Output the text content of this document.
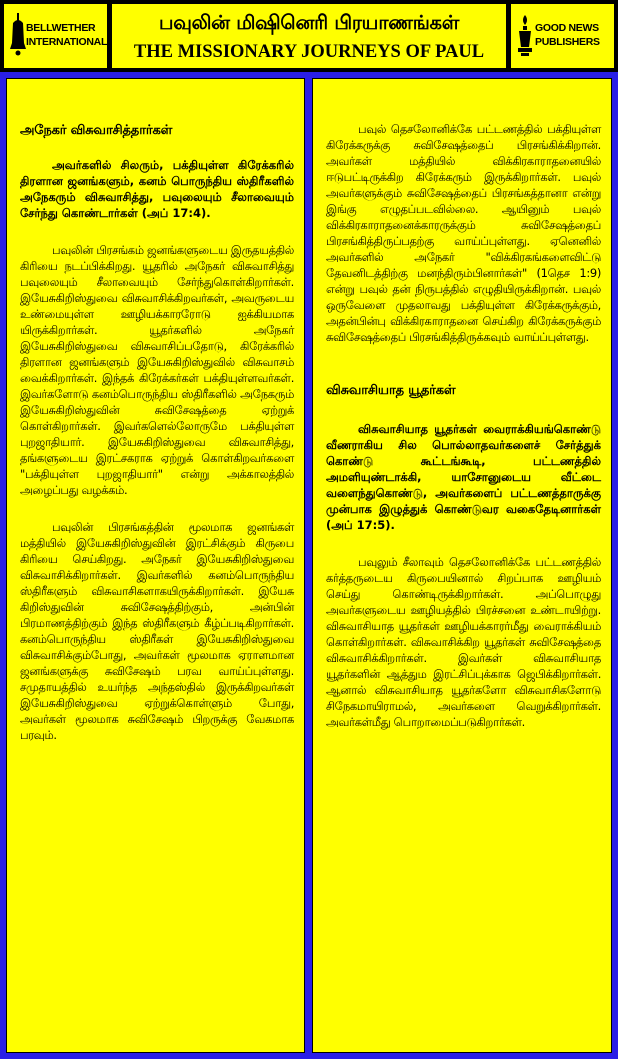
BELLWETHER INTERNATIONAL
பவுலின் மிஷினெரி பிரயாணங்கள்
THE MISSIONARY JOURNEYS OF PAUL
GOOD NEWS PUBLISHERS
அநேகர் விசுவாசித்தார்கள்

அவர்களில் சிலரும், பக்தியுள்ள கிரேக்கரில் திரளான ஜனங்களும், கனம் பொருந்திய ஸ்திரீகளில் அநேகரும் விசுவாசித்து, பவுலையும் சீலாவையும் சேர்ந்து கொண்டார்கள் (அப் 17:4).

பவுலின் பிரசங்கம் ஜனங்களுடைய இருதயத்தில் கிரியை நடப்பிக்கிறது. யூதரில் அநேகர் விசுவாசித்து பவுலையும் சீலாவையும் சேர்ந்துகொள்கிறார்கள். இயேசுகிறிஸ்துவை விசுவாசிக்கிறவர்கள், அவருடைய உண்மையுள்ள ஊழியக்காரரோடு ஐக்கியமாக யிருக்கிறார்கள். யூதர்களில் அநேகர் இயேசுகிறிஸ்துவை விசுவாசிப்பதோடு, கிரேக்கரில் திரளான ஜனங்களும் இயேசுகிறிஸ்துவில் விசுவாசம் வைக்கிறார்கள். இந்தக் கிரேக்கர்கள் பக்தியுள்ளவர்கள். இவர்களோடு கனம்பொருந்திய ஸ்திரீகளில் அநேகரும் இயேசுகிறிஸ்துவின் சுவிசேஷத்தை ஏற்றுக் கொள்கிறார்கள். இவர்களெல்லோருமே பக்தியுள்ள புறஜாதியார். இயேசுகிறிஸ்துவை விசுவாசித்து, தங்களுடைய இரட்சகராக ஏற்றுக் கொள்கிறவர்களை "பக்தியுள்ள புறஜாதியார்" என்று அக்காலத்தில் அழைப்பது வழக்கம்.

பவுலின் பிரசங்கத்தின் மூலமாக ஜனங்கள் மத்தியில் இயேசுகிறிஸ்துவின் இரட்சிக்கும் கிருபை கிரியை செய்கிறது. அநேகர் இயேசுகிறிஸ்துவை விசுவாசிக்கிறார்கள். இவர்களில் கனம்பொருந்திய ஸ்திரீகளும் விசுவாசிகளாகயிருக்கிறார்கள். இயேசு கிறிஸ்துவின் சுவிசேஷத்திற்கும், அன்பின் பிரமாணத்திற்கும் இந்த ஸ்திரீகளும் கீழ்ப்படிகிறார்கள். கனம்பொருந்திய ஸ்திரீகள் இயேசுகிறிஸ்துவை விசுவாசிக்கும்போது, அவர்கள் மூலமாக ஏராளமான ஜனங்களுக்கு சுவிசேஷம் பரவ வாய்ப்புள்ளது. சமுதாயத்தில் உயர்ந்த அந்தஸ்தில் இருக்கிறவர்கள் இயேசுகிறிஸ்துவை ஏற்றுக்கொள்ளும் போது, அவர்கள் மூலமாக சுவிசேஷம் பிறருக்கு வேகமாக பரவும்.

பவுல் தெசலோனிக்கே பட்டணத்தில் பக்தியுள்ள கிரேக்கருக்கு சுவிசேஷத்தைப் பிரசங்கிக்கிறான். அவர்கள் மத்தியில் விக்கிரகாராதனையில் ஈடுபட்டிருக்கிற கிரேக்கரும் இருக்கிறார்கள். பவுல் அவர்களுக்கும் சுவிசேஷத்தைப் பிரசங்கத்தானா என்று இங்கு எழுதப்படவில்லை. ஆயினும் பவுல் விக்கிரகாராதனைக்காரருக்கும் சுவிசேஷத்தைப் பிரசங்கித்திருப்பதற்கு வாய்ப்புள்ளது. ஏனெனில் அவர்களில் அநேகர் "விக்கிரகங்களைவிட்டு தேவனிடத்திற்கு மனந்திரும்பினார்கள்" (1தெச 1:9) என்று பவுல் தன் நிருபத்தில் எழுதியிருக்கிறான். பவுல் ஒருவேளை முதலாவது பக்தியுள்ள கிரேக்கருக்கும், அதன்பின்பு விக்கிரகாராதனை செய்கிற கிரேக்கருக்கும் சுவிசேஷத்தைப் பிரசங்கித்திருக்கவும் வாய்ப்புள்ளது.

விசுவாசியாத யூதர்கள்

விசுவாசியாத யூதர்கள் வைராக்கியங்கொண்டு வீணராகிய சில பொல்லாதவர்களைச் சேர்த்துக் கொண்டு கூட்டங்கூடி, பட்டணத்தில் அமளியுண்டாக்கி, யாசோனுடைய வீட்டை வளைந்துகொண்டு, அவர்களைப் பட்டணத்தாருக்கு முன்பாக இழுத்துக் கொண்டுவர வகைதேடினார்கள் (அப் 17:5).

பவுலும் சீலாவும் தெசலோனிக்கே பட்டணத்தில் கர்த்தருடைய கிருபையினால் சிறப்பாக ஊழியம் செய்து கொண்டிருக்கிறார்கள். அப்பொழுது அவர்களுடைய ஊழியத்தில் பிரச்சனை உண்டாயிற்று. விசுவாசியாத யூதர்கள் ஊழியக்காரர்மீது வைராக்கியம் கொள்கிறார்கள். விசுவாசிக்கிற யூதர்கள் சுவிசேஷத்தை விசுவாசிக்கிறார்கள். இவர்கள் விசுவாசியாத யூதர்களின் ஆத்தும இரட்சிப்புக்காக ஜெபிக்கிறார்கள். ஆனால் விசுவாசியாத யூதர்களோ விசுவாசிகளோடு சிநேகமாயிராமல், அவர்களை வெறுக்கிறார்கள். அவர்கள்மீது பொறாமைப்படுகிறார்கள்.
